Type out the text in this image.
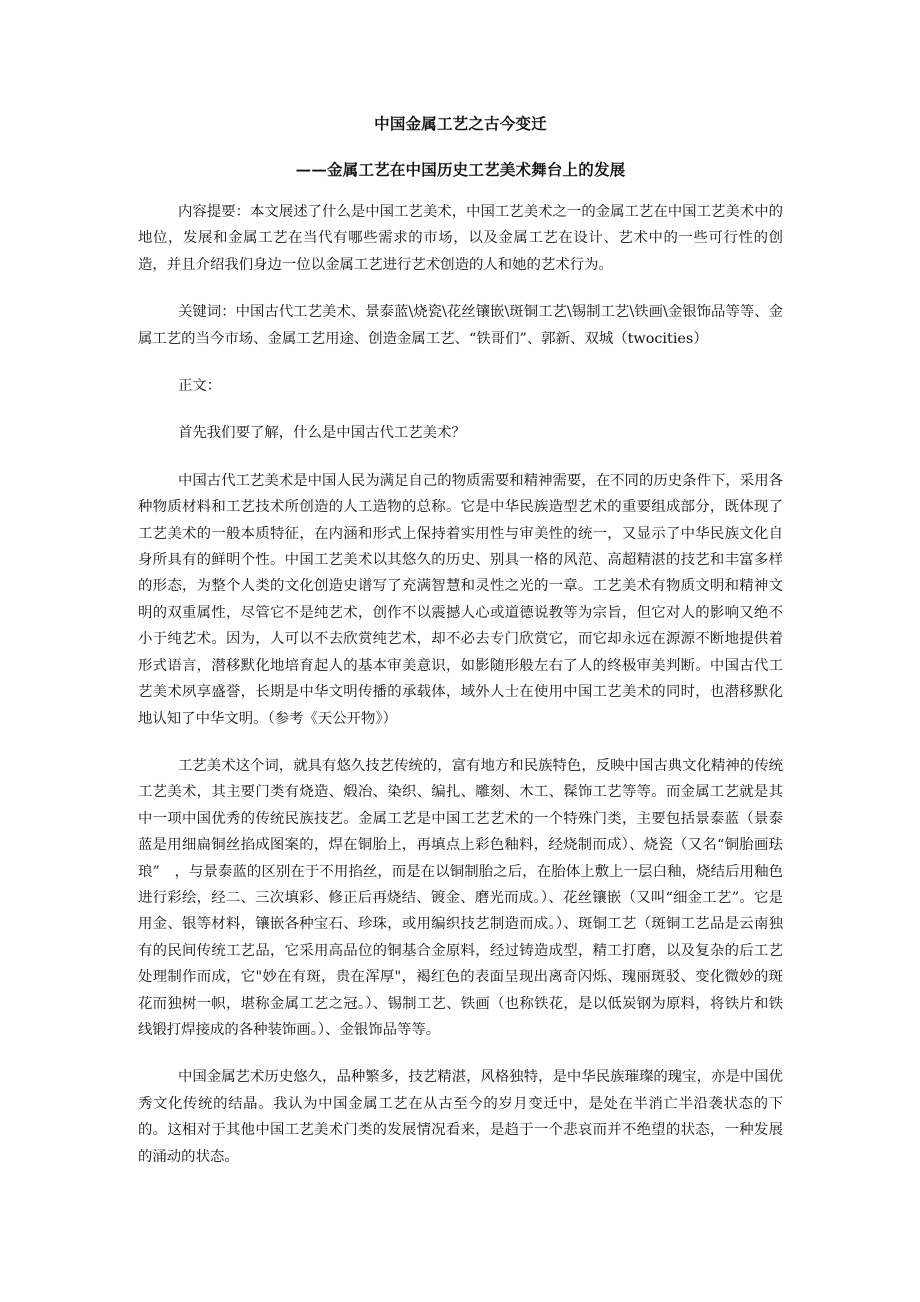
中国金属工艺之古今变迁
——金属工艺在中国历史工艺美术舞台上的发展

内容提要：本文展述了什么是中国工艺美术，中国工艺美术之一的金属工艺在中国工艺美术中的地位，发展和金属工艺在当代有哪些需求的市场，以及金属工艺在设计、艺术中的一些可行性的创造，并且介绍我们身边一位以金属工艺进行艺术创造的人和她的艺术行为。

关键词：中国古代工艺美术、景泰蓝\烧瓷\花丝镶嵌\斑铜工艺\锡制工艺\铁画\金银饰品等等、金属工艺的当今市场、金属工艺用途、创造金属工艺、“铁哥们”、郭新、双城（twocities）

正文：

首先我们要了解，什么是中国古代工艺美术？

中国古代工艺美术是中国人民为满足自己的物质需要和精神需要，在不同的历史条件下，采用各种物质材料和工艺技术所创造的人工造物的总称。它是中华民族造型艺术的重要组成部分，既体现了工艺美术的一般本质特征，在内涵和形式上保持着实用性与审美性的统一，又显示了中华民族文化自身所具有的鲜明个性。中国工艺美术以其悠久的历史、别具一格的风范、高超精湛的技艺和丰富多样的形态，为整个人类的文化创造史谱写了充满智慧和灵性之光的一章。工艺美术有物质文明和精神文明的双重属性，尽管它不是纯艺术，创作不以震撼人心或道德说教等为宗旨，但它对人的影响又绝不小于纯艺术。因为，人可以不去欣赏纯艺术，却不必去专门欣赏它，而它却永远在源源不断地提供着形式语言，潜移默化地培育起人的基本审美意识，如影随形般左右了人的终极审美判断。中国古代工艺美术夙享盛誉，长期是中华文明传播的承载体，域外人士在使用中国工艺美术的同时，也潜移默化地认知了中华文明。（参考《天公开物》）

工艺美术这个词，就具有悠久技艺传统的，富有地方和民族特色，反映中国古典文化精神的传统工艺美术，其主要门类有烧造、煅冶、染织、编扎、雕刻、木工、髹饰工艺等等。而金属工艺就是其中一项中国优秀的传统民族技艺。金属工艺是中国工艺艺术的一个特殊门类，主要包括景泰蓝（景泰蓝是用细扁铜丝掐成图案的，焊在铜胎上，再填点上彩色釉料，经烧制而成）、烧瓷（又名“铜胎画珐琅”　，与景泰蓝的区别在于不用掐丝，而是在以铜制胎之后，在胎体上敷上一层白釉，烧结后用釉色进行彩绘，经二、三次填彩、修正后再烧结、镀金、磨光而成。）、花丝镶嵌（又叫“细金工艺”。它是用金、银等材料，镶嵌各种宝石、珍珠，或用编织技艺制造而成。）、斑铜工艺（斑铜工艺品是云南独有的民间传统工艺品，它采用高品位的铜基合金原料，经过铸造成型，精工打磨，以及复杂的后工艺处理制作而成，它"妙在有斑，贵在浑厚"，褐红色的表面呈现出离奇闪烁、瑰丽斑驳、变化微妙的斑花而独树一帜，堪称金属工艺之冠。）、锡制工艺、铁画（也称铁花，是以低炭钢为原料，将铁片和铁线锻打焊接成的各种装饰画。）、金银饰品等等。

中国金属艺术历史悠久，品种繁多，技艺精湛，风格独特，是中华民族璀璨的瑰宝，亦是中国优秀文化传统的结晶。我认为中国金属工艺在从古至今的岁月变迁中，是处在半消亡半沿袭状态的下的。这相对于其他中国工艺美术门类的发展情况看来，是趋于一个悲哀而并不绝望的状态，一种发展的涌动的状态。
